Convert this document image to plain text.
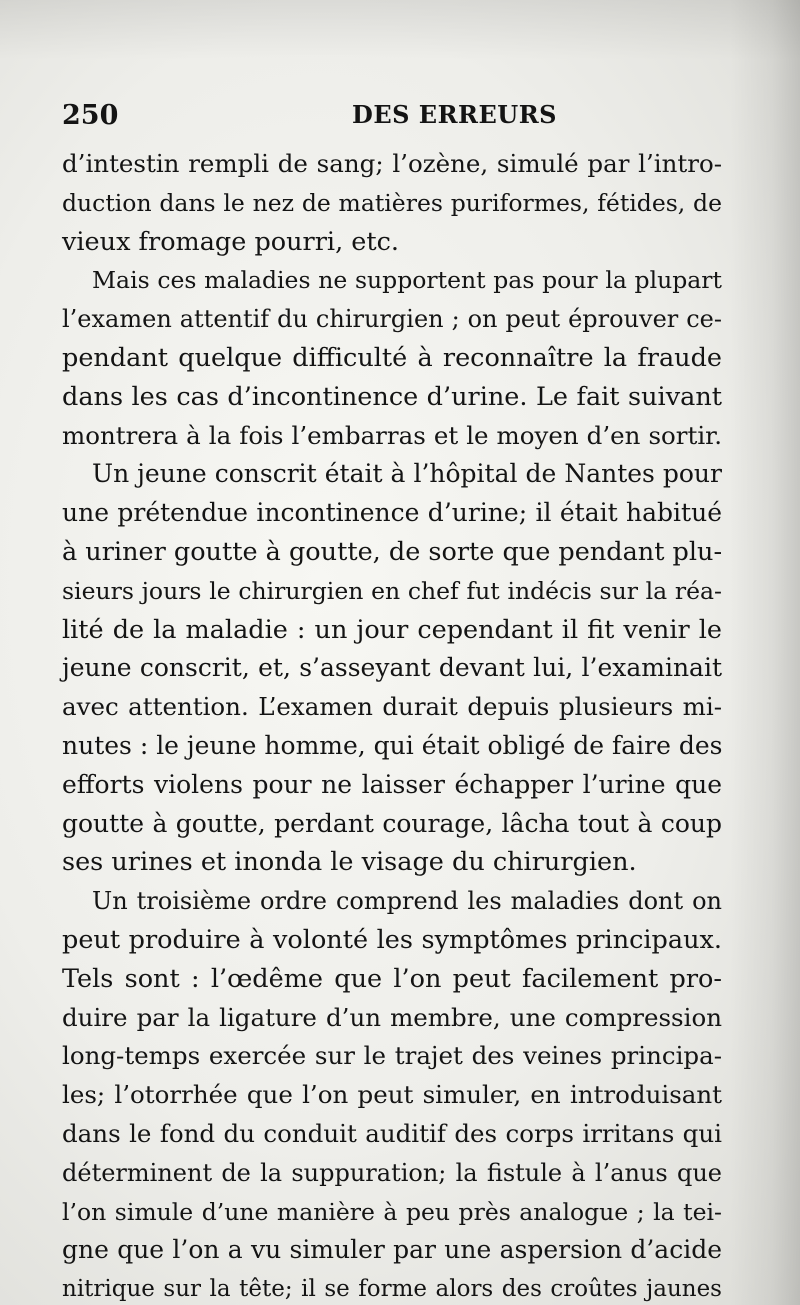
250	DES ERREURS
d’intestin rempli de sang; l’ozène, simulé par l’intro-
duction dans le nez de matières puriformes, fétides, de
vieux fromage pourri, etc.
Mais ces maladies ne supportent pas pour la plupart
l’examen attentif du chirurgien ; on peut éprouver ce-
pendant quelque difficulté à reconnaître la fraude
dans les cas d’incontinence d’urine. Le fait suivant
montrera à la fois l’embarras et le moyen d’en sortir.
Un jeune conscrit était à l’hôpital de Nantes pour
une prétendue incontinence d’urine; il était habitué
à uriner goutte à goutte, de sorte que pendant plu-
sieurs jours le chirurgien en chef fut indécis sur la réa-
lité de la maladie : un jour cependant il fit venir le
jeune conscrit, et, s’asseyant devant lui, l’examinait
avec attention. L’examen durait depuis plusieurs mi-
nutes : le jeune homme, qui était obligé de faire des
efforts violens pour ne laisser échapper l’urine que
goutte à goutte, perdant courage, lâcha tout à coup
ses urines et inonda le visage du chirurgien.
Un troisième ordre comprend les maladies dont on
peut produire à volonté les symptômes principaux.
Tels sont : l’œdême que l’on peut facilement pro-
duire par la ligature d’un membre, une compression
long-temps exercée sur le trajet des veines principa-
les; l’otorrhée que l’on peut simuler, en introduisant
dans le fond du conduit auditif des corps irritans qui
déterminent de la suppuration; la fistule à l’anus que
l’on simule d’une manière à peu près analogue ; la tei-
gne que l’on a vu simuler par une aspersion d’acide
nitrique sur la tête; il se forme alors des croûtes jaunes
